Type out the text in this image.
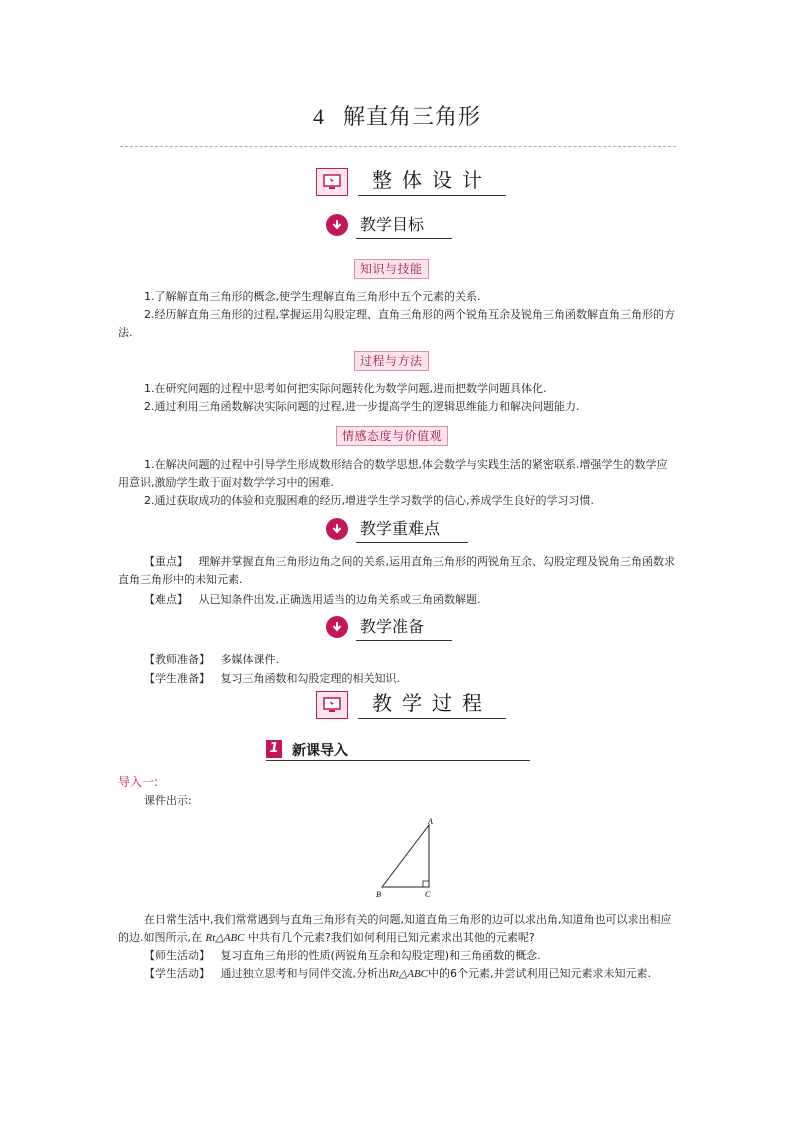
4 解直角三角形
整体设计
教学目标
知识与技能

1.了解解直角三角形的概念,使学生理解直角三角形中五个元素的关系.

2.经历解直角三角形的过程,掌握运用勾股定理、直角三角形的两个锐角互余及锐角三角函数解直角三角形的方法.

过程与方法

1.在研究问题的过程中思考如何把实际问题转化为数学问题,进而把数学问题具体化.

2.通过利用三角函数解决实际问题的过程,进一步提高学生的逻辑思维能力和解决问题能力.

情感态度与价值观

1.在解决问题的过程中引导学生形成数形结合的数学思想,体会数学与实践生活的紧密联系.增强学生的数学应用意识,激励学生敢于面对数学学习中的困难.

2.通过获取成功的体验和克服困难的经历,增进学生学习数学的信心,养成学生良好的学习习惯.

教学重难点

【重点】 理解并掌握直角三角形边角之间的关系,运用直角三角形的两锐角互余、勾股定理及锐角三角函数求直角三角形中的未知元素.

【难点】 从已知条件出发,正确选用适当的边角关系或三角函数解题.

教学准备

【教师准备】 多媒体课件.

【学生准备】 复习三角函数和勾股定理的相关知识.

教学过程
1 新课导入
导入一:

课件出示:

A
B	C

在日常生活中,我们常常遇到与直角三角形有关的问题,知道直角三角形的边可以求出角,知道角也可以求出相应的边.如图所示,在 Rt△ABC 中共有几个元素?我们如何利用已知元素求出其他的元素呢?

【师生活动】 复习直角三角形的性质(两锐角互余和勾股定理)和三角函数的概念.

【学生活动】 通过独立思考和与同伴交流,分析出Rt△ABC中的6个元素,并尝试利用已知元素求未知元素.
